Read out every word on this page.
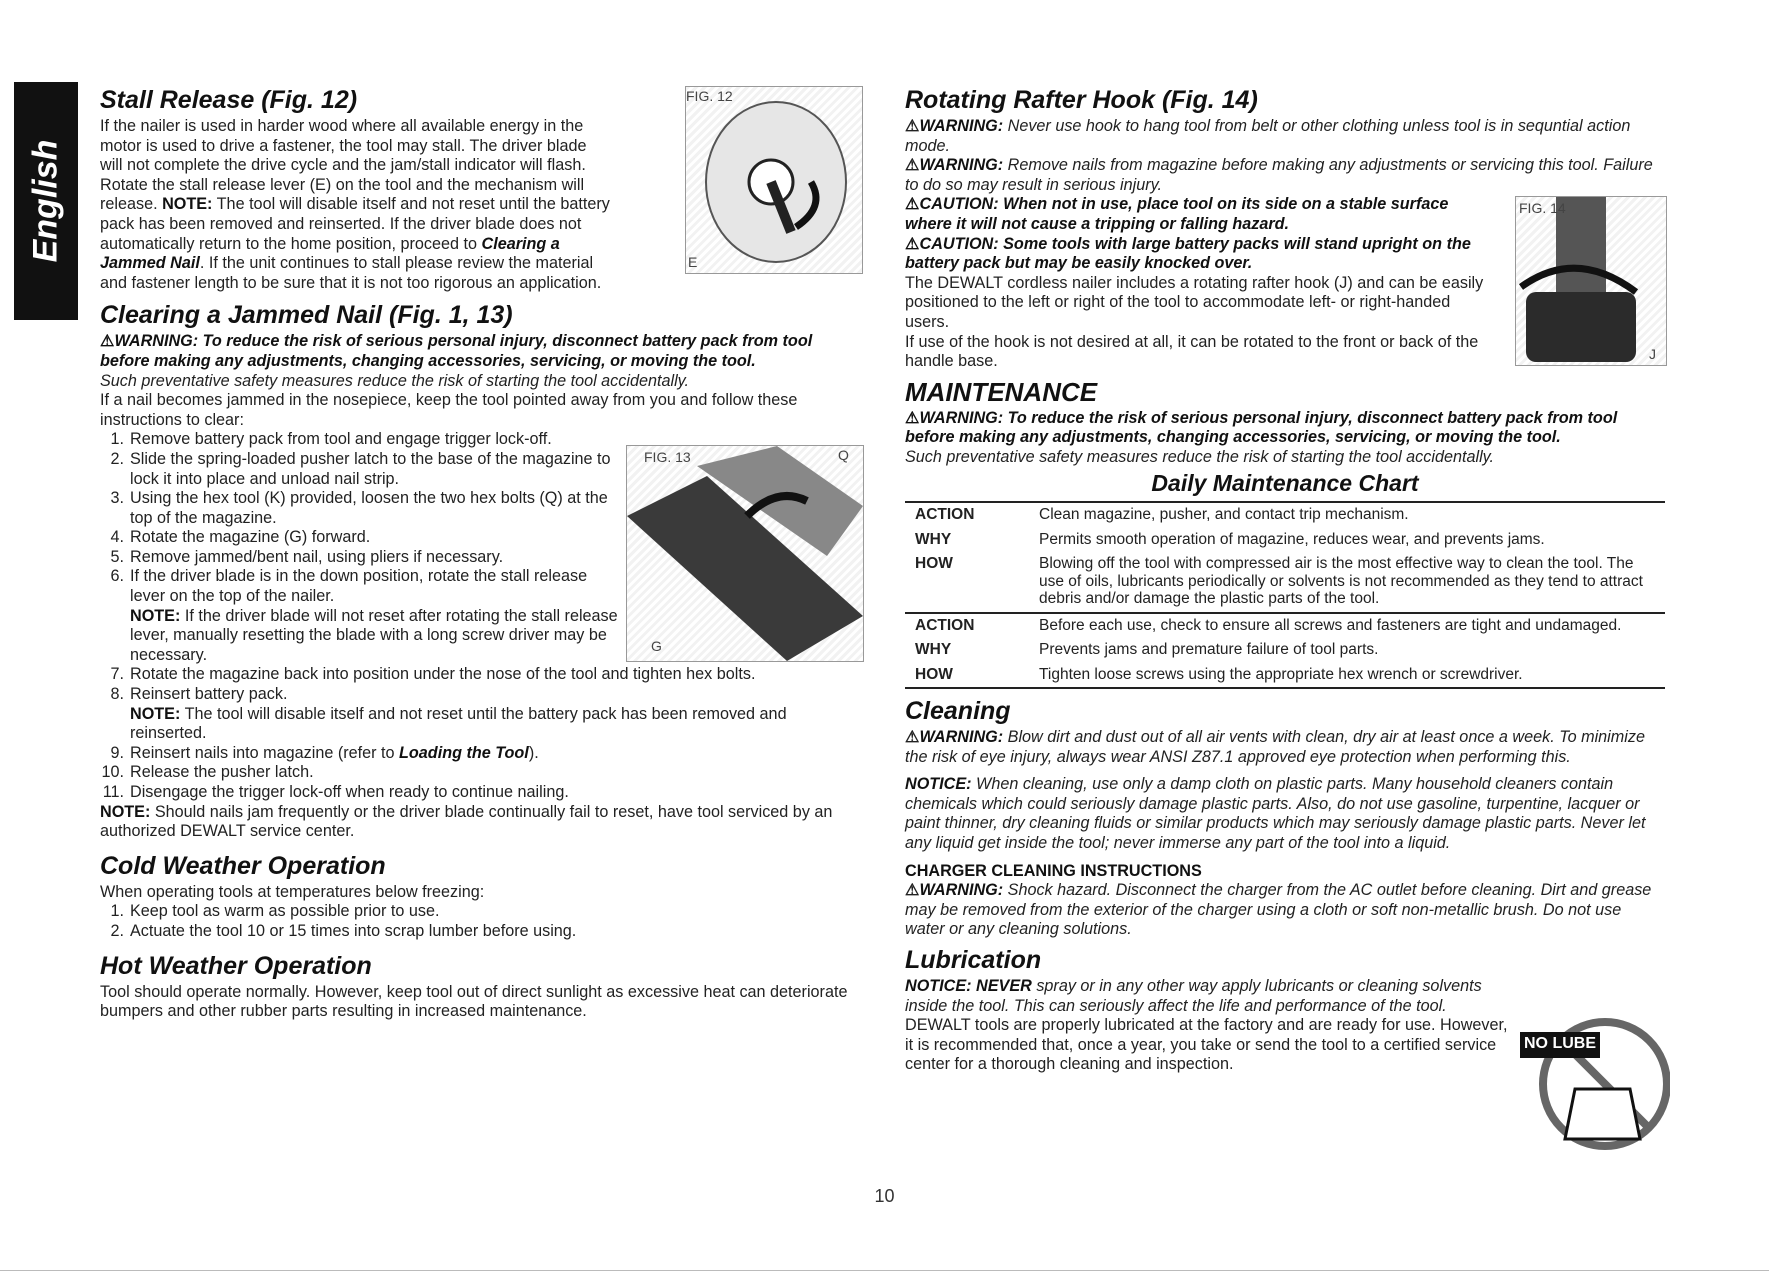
English
Stall Release (Fig. 12)

If the nailer is used in harder wood where all available energy in the motor is used to drive a fastener, the tool may stall. The driver blade will not complete the drive cycle and the jam/stall indicator will flash. Rotate the stall release lever (E) on the tool and the mechanism will release. NOTE: The tool will disable itself and not reset until the battery pack has been removed and reinserted. If the driver blade does not automatically return to the home position, proceed to Clearing a Jammed Nail. If the unit continues to stall please review the material and fastener length to be sure that it is not too rigorous an application.

Clearing a Jammed Nail (Fig. 1, 13)

⚠WARNING: To reduce the risk of serious personal injury, disconnect battery pack from tool before making any adjustments, changing accessories, servicing, or moving the tool.

Such preventative safety measures reduce the risk of starting the tool accidentally.

If a nail becomes jammed in the nosepiece, keep the tool pointed away from you and follow these instructions to clear:

1. Remove battery pack from tool and engage trigger lock-off.
2. Slide the spring-loaded pusher latch to the base of the magazine to lock it into place and unload nail strip.
3. Using the hex tool (K) provided, loosen the two hex bolts (Q) at the top of the magazine.
4. Rotate the magazine (G) forward.
5. Remove jammed/bent nail, using pliers if necessary.
6. If the driver blade is in the down position, rotate the stall release lever on the top of the nailer.
NOTE: If the driver blade will not reset after rotating the stall release lever, manually resetting the blade with a long screw driver may be necessary.
7. Rotate the magazine back into position under the nose of the tool and tighten hex bolts.
8. Reinsert battery pack.
NOTE: The tool will disable itself and not reset until the battery pack has been removed and reinserted.
9. Reinsert nails into magazine (refer to Loading the Tool).
10. Release the pusher latch.
11. Disengage the trigger lock-off when ready to continue nailing.

NOTE: Should nails jam frequently or the driver blade continually fail to reset, have tool serviced by an authorized DEWALT service center.

Cold Weather Operation

When operating tools at temperatures below freezing:

1. Keep tool as warm as possible prior to use.
2. Actuate the tool 10 or 15 times into scrap lumber before using.
Hot Weather Operation

Tool should operate normally. However, keep tool out of direct sunlight as excessive heat can deteriorate bumpers and other rubber parts resulting in increased maintenance.

FIG. 12
E
FIG. 13	Q
G
Rotating Rafter Hook (Fig. 14)

⚠WARNING: Never use hook to hang tool from belt or other clothing unless tool is in sequntial action mode.

⚠WARNING: Remove nails from magazine before making any adjustments or servicing this tool. Failure to do so may result in serious injury.

⚠CAUTION: When not in use, place tool on its side on a stable surface where it will not cause a tripping or falling hazard.

⚠CAUTION: Some tools with large battery packs will stand upright on the battery pack but may be easily knocked over.

The DEWALT cordless nailer includes a rotating rafter hook (J) and can be easily positioned to the left or right of the tool to accommodate left- or right-handed users.

If use of the hook is not desired at all, it can be rotated to the front or back of the handle base.

MAINTENANCE

⚠WARNING: To reduce the risk of serious personal injury, disconnect battery pack from tool before making any adjustments, changing accessories, servicing, or moving the tool.

Such preventative safety measures reduce the risk of starting the tool accidentally.

Daily Maintenance Chart
ACTION	Clean magazine, pusher, and contact trip mechanism.
WHY	Permits smooth operation of magazine, reduces wear, and prevents jams.
HOW	Blowing off the tool with compressed air is the most effective way to clean the tool. The use of oils, lubricants periodically or solvents is not recommended as they tend to attract debris and/or damage the plastic parts of the tool.
ACTION	Before each use, check to ensure all screws and fasteners are tight and undamaged.
WHY	Prevents jams and premature failure of tool parts.
HOW	Tighten loose screws using the appropriate hex wrench or screwdriver.
Cleaning

⚠WARNING: Blow dirt and dust out of all air vents with clean, dry air at least once a week. To minimize the risk of eye injury, always wear ANSI Z87.1 approved eye protection when performing this.

NOTICE: When cleaning, use only a damp cloth on plastic parts. Many household cleaners contain chemicals which could seriously damage plastic parts. Also, do not use gasoline, turpentine, lacquer or paint thinner, dry cleaning fluids or similar products which may seriously damage plastic parts. Never let any liquid get inside the tool; never immerse any part of the tool into a liquid.

CHARGER CLEANING INSTRUCTIONS

⚠WARNING: Shock hazard. Disconnect the charger from the AC outlet before cleaning. Dirt and grease may be removed from the exterior of the charger using a cloth or soft non-metallic brush. Do not use water or any cleaning solutions.

Lubrication

NOTICE: NEVER spray or in any other way apply lubricants or cleaning solvents inside the tool. This can seriously affect the life and performance of the tool.

DEWALT tools are properly lubricated at the factory and are ready for use. However, it is recommended that, once a year, you take or send the tool to a certified service center for a thorough cleaning and inspection.

FIG. 14
J
NO LUBE
10
